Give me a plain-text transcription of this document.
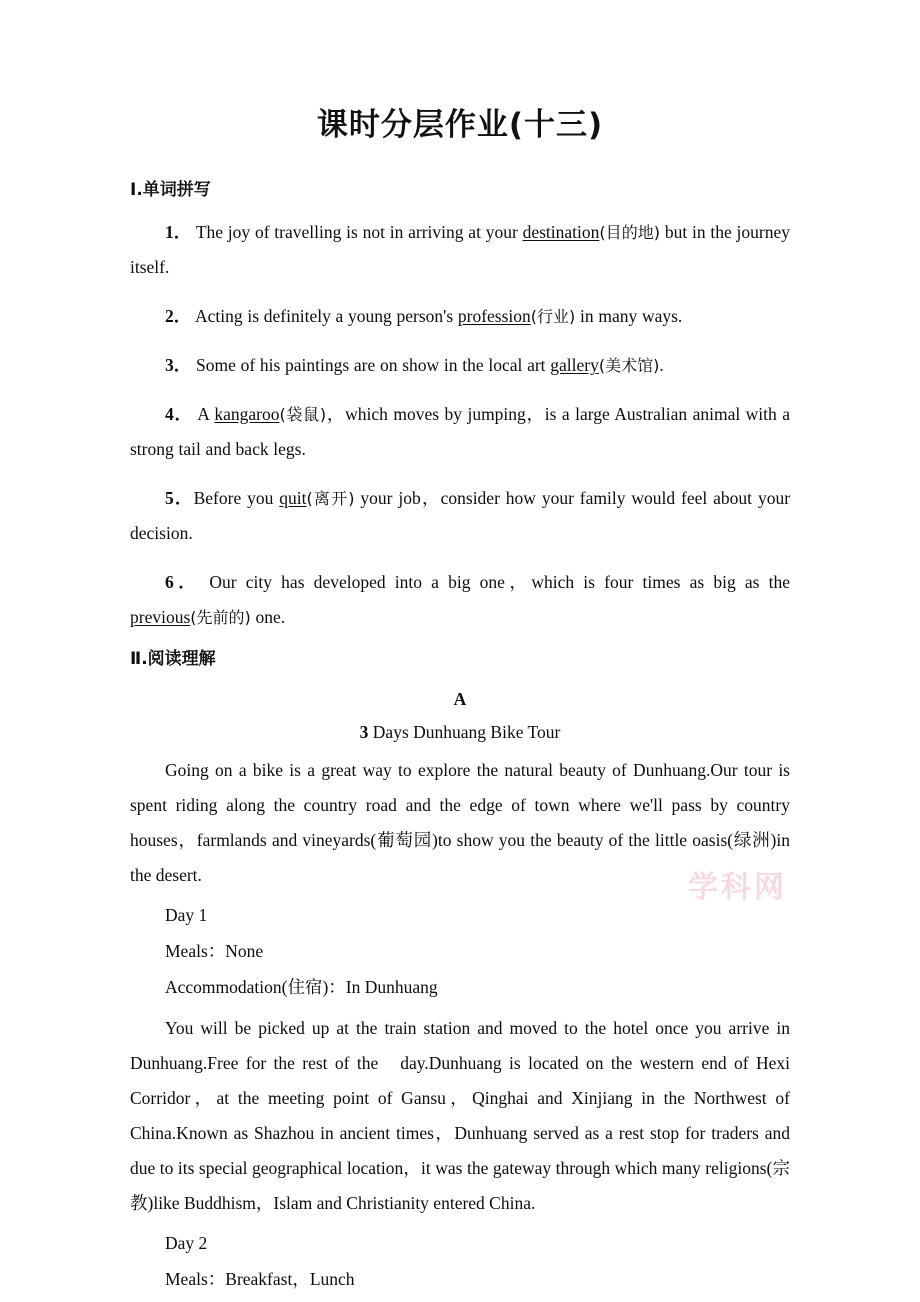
学科网
课时分层作业(十三)
Ⅰ.单词拼写

1． The joy of travelling is not in arriving at your destination(目的地) but in the journey itself.

2． Acting is definitely a young person's profession(行业) in many ways.

3． Some of his paintings are on show in the local art gallery(美术馆).

4． A kangaroo(袋鼠)，which moves by jumping，is a large Australian animal with a strong tail and back legs.

5．Before you quit(离开) your job，consider how your family would feel about your decision.

6． Our city has developed into a big one，which is four times as big as the previous(先前的) one.

Ⅱ.阅读理解

A

3 Days Dunhuang Bike Tour

Going on a bike is a great way to explore the natural beauty of Dunhuang.Our tour is spent riding along the country road and the edge of town where we'll pass by country houses，farmlands and vineyards(葡萄园)to show you the beauty of the little oasis(绿洲)in the desert.

Day 1

Meals：None

Accommodation(住宿)：In Dunhuang

You will be picked up at the train station and moved to the hotel once you arrive in Dunhuang.Free for the rest of the day.Dunhuang is located on the western end of Hexi Corridor，at the meeting point of Gansu，Qinghai and Xinjiang in the Northwest of China.Known as Shazhou in ancient times，Dunhuang served as a rest stop for traders and due to its special geographical location，it was the gateway through which many religions(宗教)like Buddhism，Islam and Christianity entered China.

Day 2

Meals：Breakfast，Lunch
